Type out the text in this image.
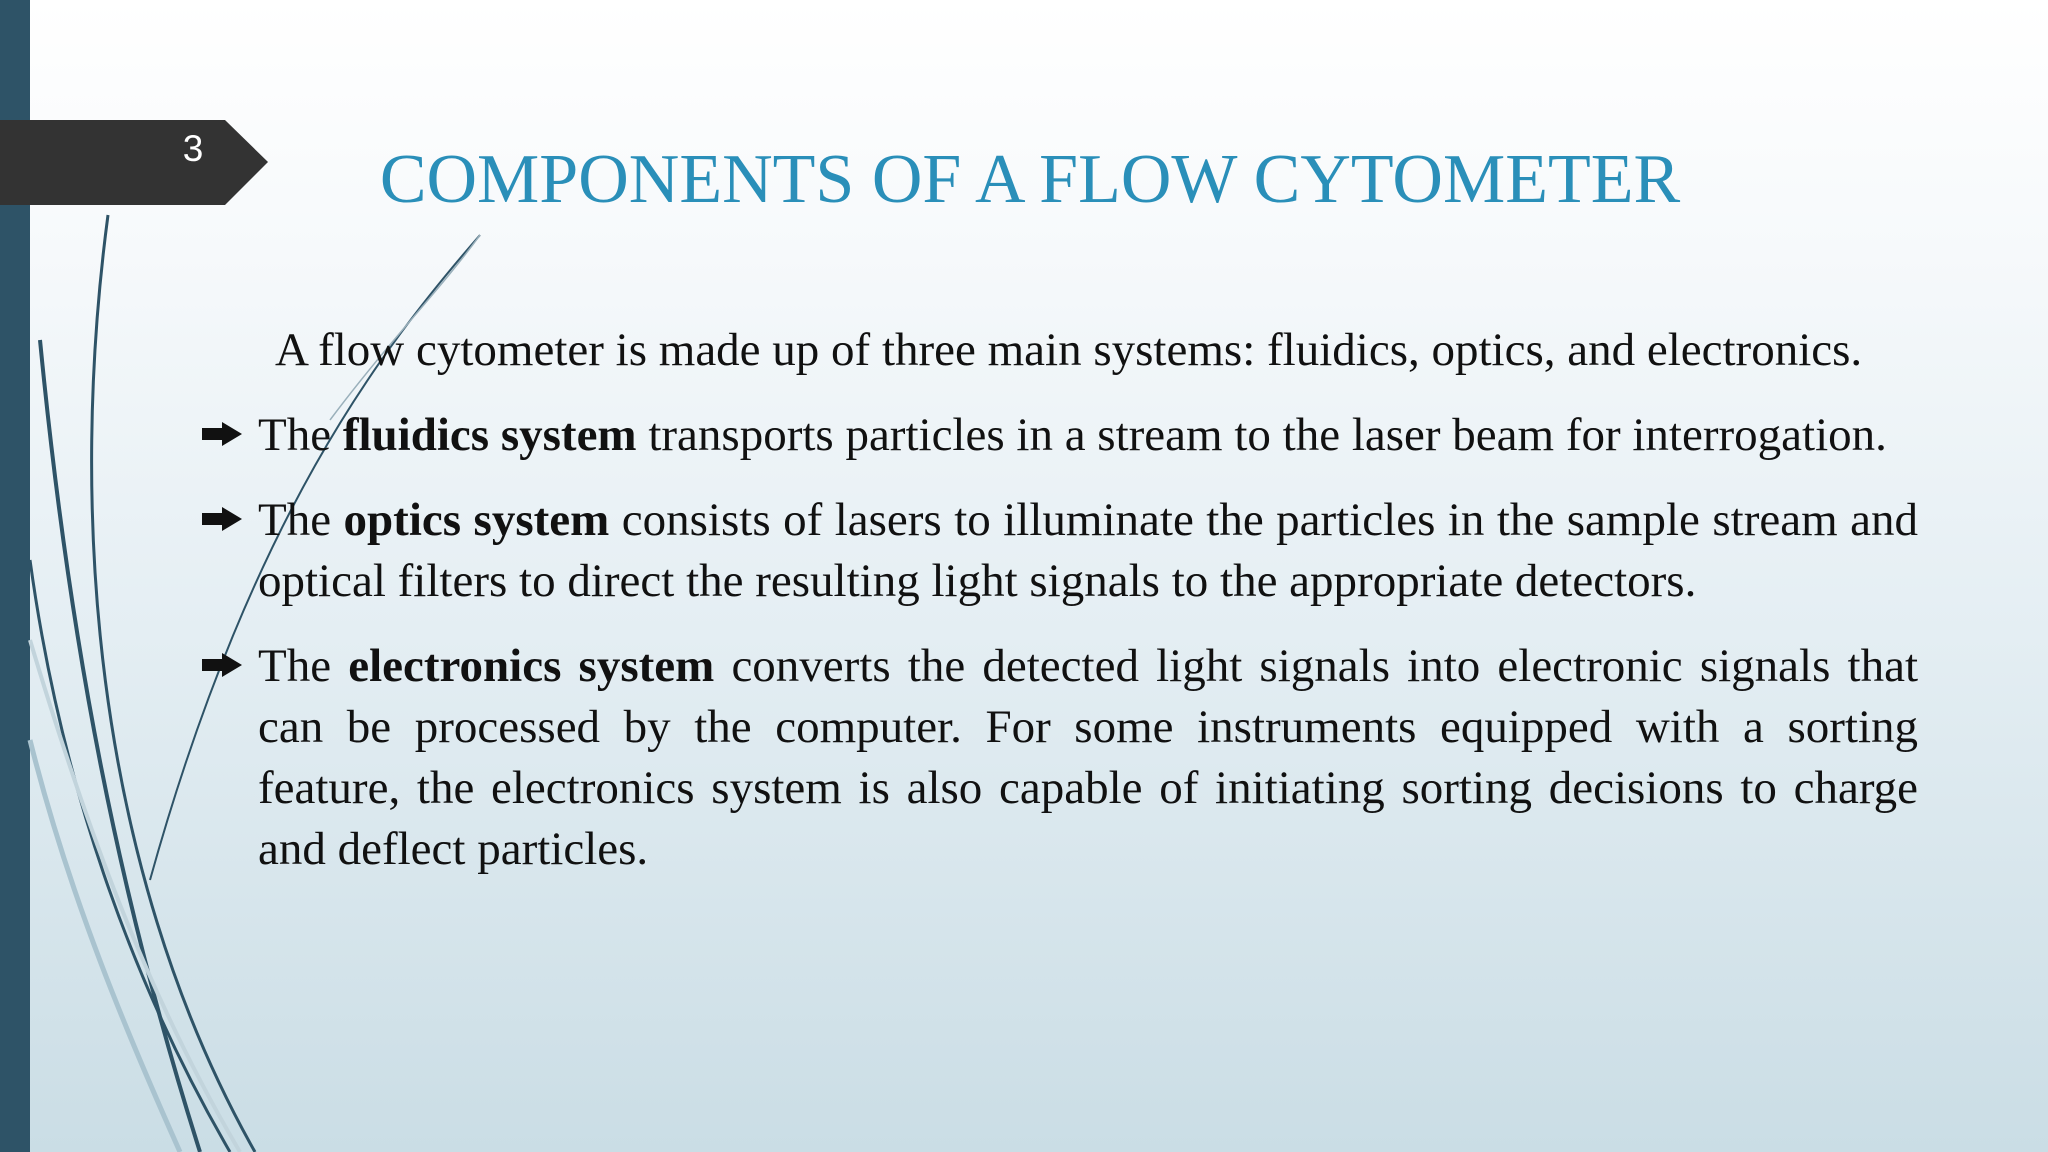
3	COMPONENTS OF A FLOW CYTOMETER

A flow cytometer is made up of three main systems: fluidics, optics, and electronics.

The fluidics system transports particles in a stream to the laser beam for interrogation.
The optics system consists of lasers to illuminate the particles in the sample stream and optical filters to direct the resulting light signals to the appropriate detectors.
The electronics system converts the detected light signals into electronic signals that can be processed by the computer. For some instruments equipped with a sorting feature, the electronics system is also capable of initiating sorting decisions to charge and deflect particles.
